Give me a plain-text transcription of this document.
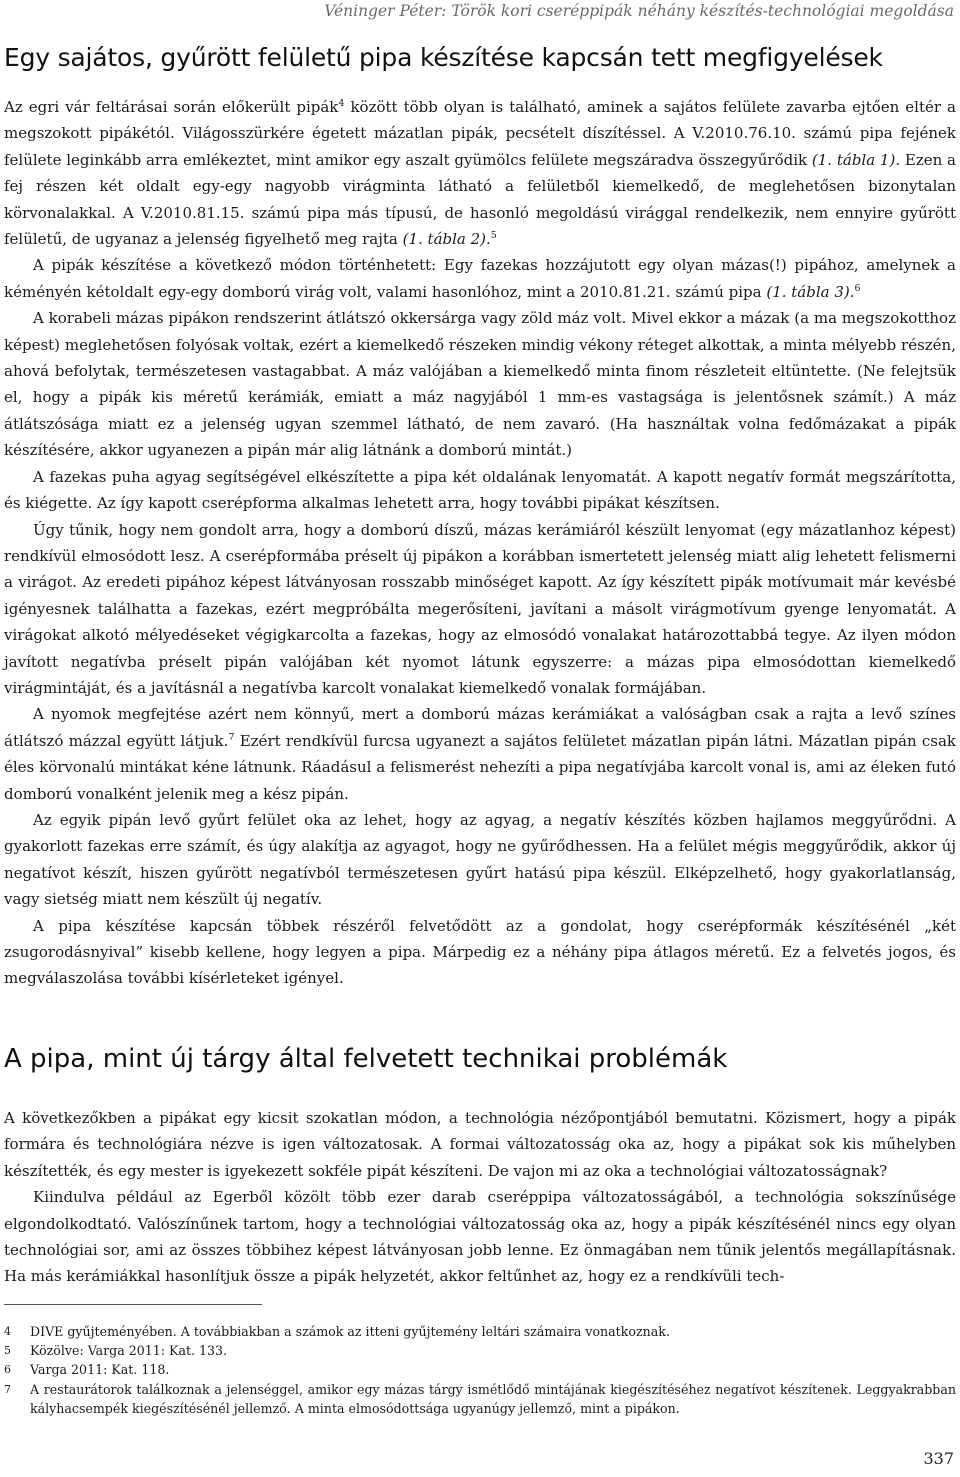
Véninger Péter: Török kori cseréppipák néhány készítés-technológiai megoldása
Egy sajátos, gyűrött felületű pipa készítése kapcsán tett megfigyelések

Az egri vár feltárásai során előkerült pipák$^4$ között több olyan is található, aminek a sajátos felülete zavarba ejtően eltér a megszokott pipákétól. Világosszürkére égetett mázatlan pipák, pecsételt díszítéssel. A V.2010.76.10. számú pipa fejének felülete leginkább arra emlékeztet, mint amikor egy aszalt gyümölcs felülete megszáradva összegyűrődik (1. tábla 1). Ezen a fej részen két oldalt egy-egy nagyobb virágminta látható a felületből kiemelkedő, de meglehetősen bizonytalan körvonalakkal. A V.2010.81.15. számú pipa más típusú, de hasonló megoldású virággal rendelkezik, nem ennyire gyűrött felületű, de ugyanaz a jelenség figyelhető meg rajta (1. tábla 2).$^5$

A pipák készítése a következő módon történhetett: Egy fazekas hozzájutott egy olyan mázas(!) pipához, amelynek a kéményén kétoldalt egy-egy domború virág volt, valami hasonlóhoz, mint a 2010.81.21. számú pipa (1. tábla 3).$^6$

A korabeli mázas pipákon rendszerint átlátszó okkersárga vagy zöld máz volt. Mivel ekkor a mázak (a ma megszokotthoz képest) meglehetősen folyósak voltak, ezért a kiemelkedő részeken mindig vékony réteget alkottak, a minta mélyebb részén, ahová befolytak, természetesen vastagabbat. A máz valójában a kiemelkedő minta finom részleteit eltüntette. (Ne felejtsük el, hogy a pipák kis méretű kerámiák, emiatt a máz nagyjából 1 mm-es vastagsága is jelentősnek számít.) A máz átlátszósága miatt ez a jelenség ugyan szemmel látható, de nem zavaró. (Ha használtak volna fedőmázakat a pipák készítésére, akkor ugyanezen a pipán már alig látnánk a domború mintát.)

A fazekas puha agyag segítségével elkészítette a pipa két oldalának lenyomatát. A kapott negatív formát megszárította, és kiégette. Az így kapott cserépforma alkalmas lehetett arra, hogy további pipákat készítsen.

Úgy tűnik, hogy nem gondolt arra, hogy a domború díszű, mázas kerámiáról készült lenyomat (egy mázatlanhoz képest) rendkívül elmosódott lesz. A cserépformába préselt új pipákon a korábban ismertetett jelenség miatt alig lehetett felismerni a virágot. Az eredeti pipához képest látványosan rosszabb minőséget kapott. Az így készített pipák motívumait már kevésbé igényesnek találhatta a fazekas, ezért megpróbálta megerősíteni, javítani a másolt virágmotívum gyenge lenyomatát. A virágokat alkotó mélyedéseket végigkarcolta a fazekas, hogy az elmosódó vonalakat határozottabbá tegye. Az ilyen módon javított negatívba préselt pipán valójában két nyomot látunk egyszerre: a mázas pipa elmosódottan kiemelkedő virágmintáját, és a javításnál a negatívba karcolt vonalakat kiemelkedő vonalak formájában.

A nyomok megfejtése azért nem könnyű, mert a domború mázas kerámiákat a valóságban csak a rajta a levő színes átlátszó mázzal együtt látjuk.$^7$ Ezért rendkívül furcsa ugyanezt a sajátos felületet mázatlan pipán látni. Mázatlan pipán csak éles körvonalú mintákat kéne látnunk. Ráadásul a felismerést nehezíti a pipa negatívjába karcolt vonal is, ami az éleken futó domború vonalként jelenik meg a kész pipán.

Az egyik pipán levő gyűrt felület oka az lehet, hogy az agyag, a negatív készítés közben hajlamos meggyűrődni. A gyakorlott fazekas erre számít, és úgy alakítja az agyagot, hogy ne gyűrődhessen. Ha a felület mégis meggyűrődik, akkor új negatívot készít, hiszen gyűrött negatívból természetesen gyűrt hatású pipa készül. Elképzelhető, hogy gyakorlatlanság, vagy sietség miatt nem készült új negatív.

A pipa készítése kapcsán többek részéről felvetődött az a gondolat, hogy cserépformák készítésénél „két zsugorodásnyival” kisebb kellene, hogy legyen a pipa. Márpedig ez a néhány pipa átlagos méretű. Ez a felvetés jogos, és megválaszolása további kísérleteket igényel.

A pipa, mint új tárgy által felvetett technikai problémák

A következőkben a pipákat egy kicsit szokatlan módon, a technológia nézőpontjából bemutatni. Közismert, hogy a pipák formára és technológiára nézve is igen változatosak. A formai változatosság oka az, hogy a pipákat sok kis műhelyben készítették, és egy mester is igyekezett sokféle pipát készíteni. De vajon mi az oka a technológiai változatosságnak?

Kiindulva például az Egerből közölt több ezer darab cseréppipa változatosságából, a technológia sokszínűsége elgondolkodtató. Valószínűnek tartom, hogy a technológiai változatosság oka az, hogy a pipák készítésénél nincs egy olyan technológiai sor, ami az összes többihez képest látványosan jobb lenne. Ez önmagában nem tűnik jelentős megállapításnak. Ha más kerámiákkal hasonlítjuk össze a pipák helyzetét, akkor feltűnhet az, hogy ez a rendkívüli tech-

4 DIVE gyűjteményében. A továbbiakban a számok az itteni gyűjtemény leltári számaira vonatkoznak.
5 Közölve: Varga 2011: Kat. 133.
6 Varga 2011: Kat. 118.
7 A restaurátorok találkoznak a jelenséggel, amikor egy mázas tárgy ismétlődő mintájának kiegészítéséhez negatívot készítenek. Leggyakrabban kályhacsempék kiegészítésénél jellemző. A minta elmosódottsága ugyanúgy jellemző, mint a pipákon.
337
